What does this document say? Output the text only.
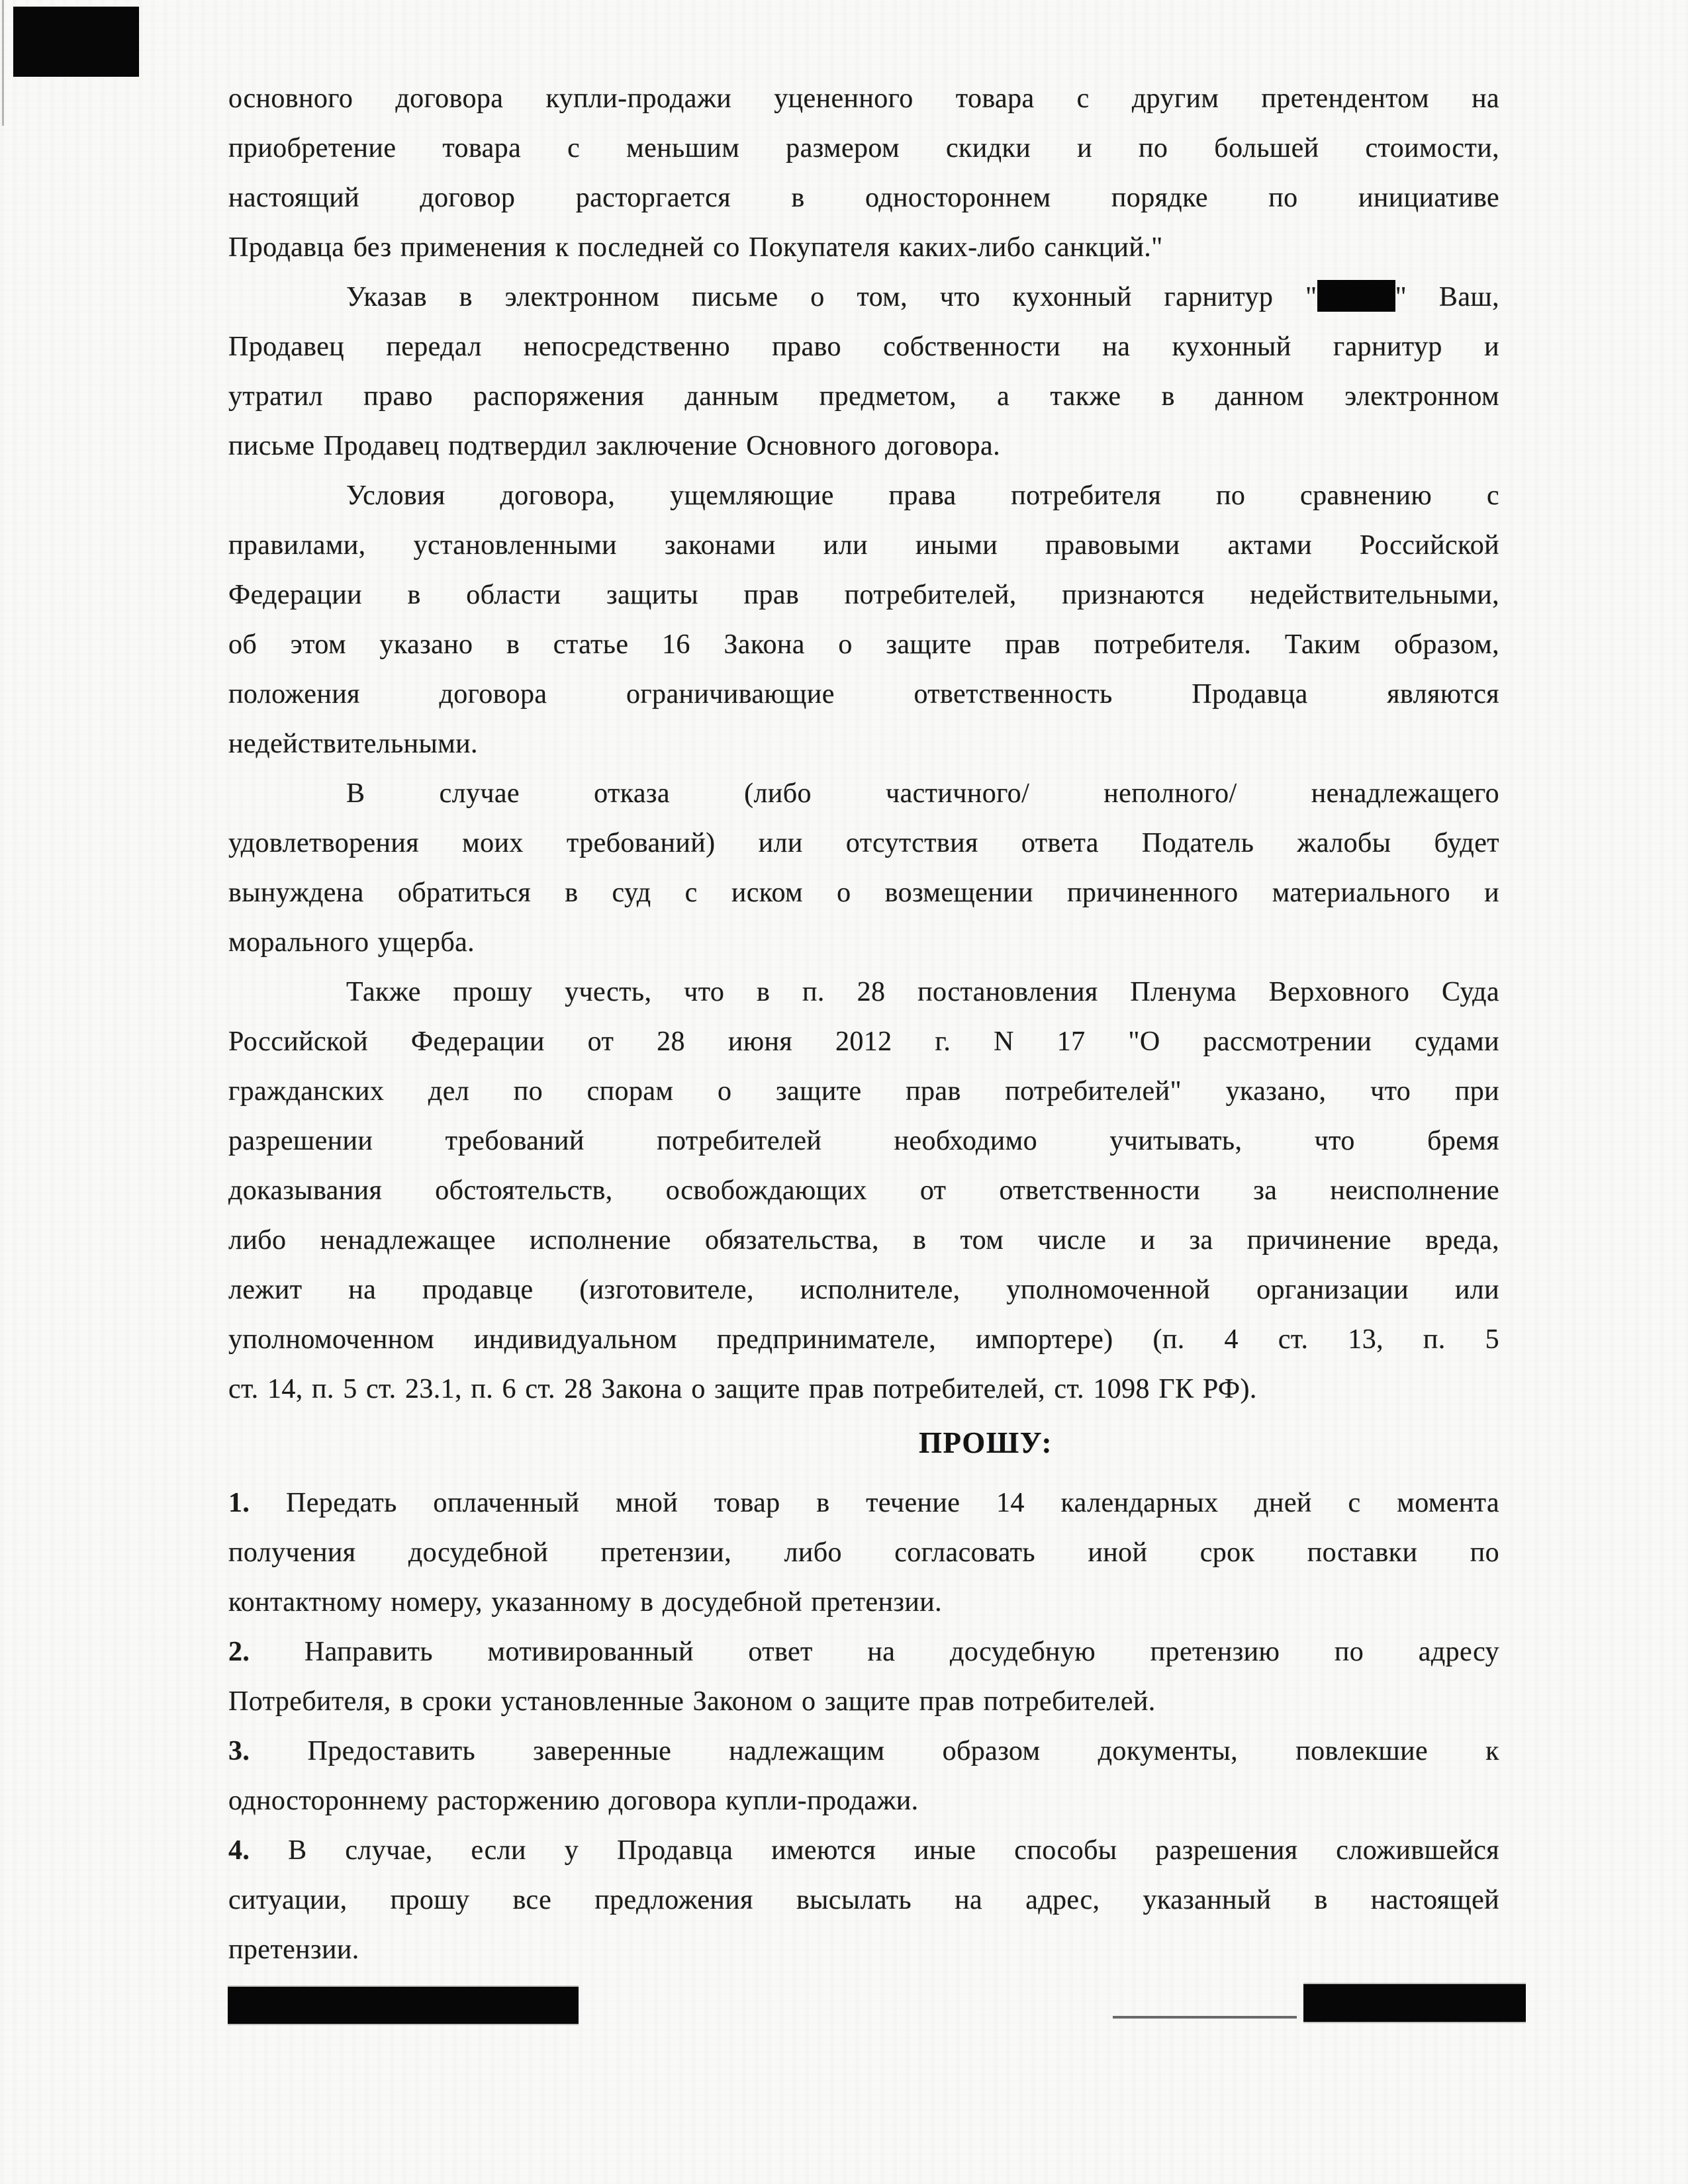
основного договора купли-продажи уцененного товара с другим претендентом на
приобретение товара с меньшим размером скидки и по большей стоимости,
настоящий договор расторгается в одностороннем порядке по инициативе
Продавца без применения к последней со Покупателя каких-либо санкций."
Указав в электронном письме о том, что кухонный гарнитур "	" Ваш,
Продавец передал непосредственно право собственности на кухонный гарнитур и
утратил право распоряжения данным предметом, а также в данном электронном
письме Продавец подтвердил заключение Основного договора.
Условия договора, ущемляющие права потребителя по сравнению с
правилами, установленными законами или иными правовыми актами Российской
Федерации в области защиты прав потребителей, признаются недействительными,
об этом указано в статье 16 Закона о защите прав потребителя. Таким образом,
положения договора ограничивающие ответственность Продавца являются
недействительными.
В случае отказа (либо частичного/ неполного/ ненадлежащего
удовлетворения моих требований) или отсутствия ответа Податель жалобы будет
вынуждена обратиться в суд с иском о возмещении причиненного материального и
морального ущерба.
Также прошу учесть, что в п. 28 постановления Пленума Верховного Суда
Российской Федерации от 28 июня 2012 г. N 17 "О рассмотрении судами
гражданских дел по спорам о защите прав потребителей" указано, что при
разрешении требований потребителей необходимо учитывать, что бремя
доказывания обстоятельств, освобождающих от ответственности за неисполнение
либо ненадлежащее исполнение обязательства, в том числе и за причинение вреда,
лежит на продавце (изготовителе, исполнителе, уполномоченной организации или
уполномоченном индивидуальном предпринимателе, импортере) (п. 4 ст. 13, п. 5
ст. 14, п. 5 ст. 23.1, п. 6 ст. 28 Закона о защите прав потребителей, ст. 1098 ГК РФ).
ПРОШУ:
1. Передать оплаченный мной товар в течение 14 календарных дней с момента
получения досудебной претензии, либо согласовать иной срок поставки по
контактному номеру, указанному в досудебной претензии.
2. Направить мотивированный ответ на досудебную претензию по адресу
Потребителя, в сроки установленные Законом о защите прав потребителей.
3. Предоставить заверенные надлежащим образом документы, повлекшие к
одностороннему расторжению договора купли-продажи.
4. В случае, если у Продавца имеются иные способы разрешения сложившейся
ситуации, прошу все предложения высылать на адрес, указанный в настоящей
претензии.
